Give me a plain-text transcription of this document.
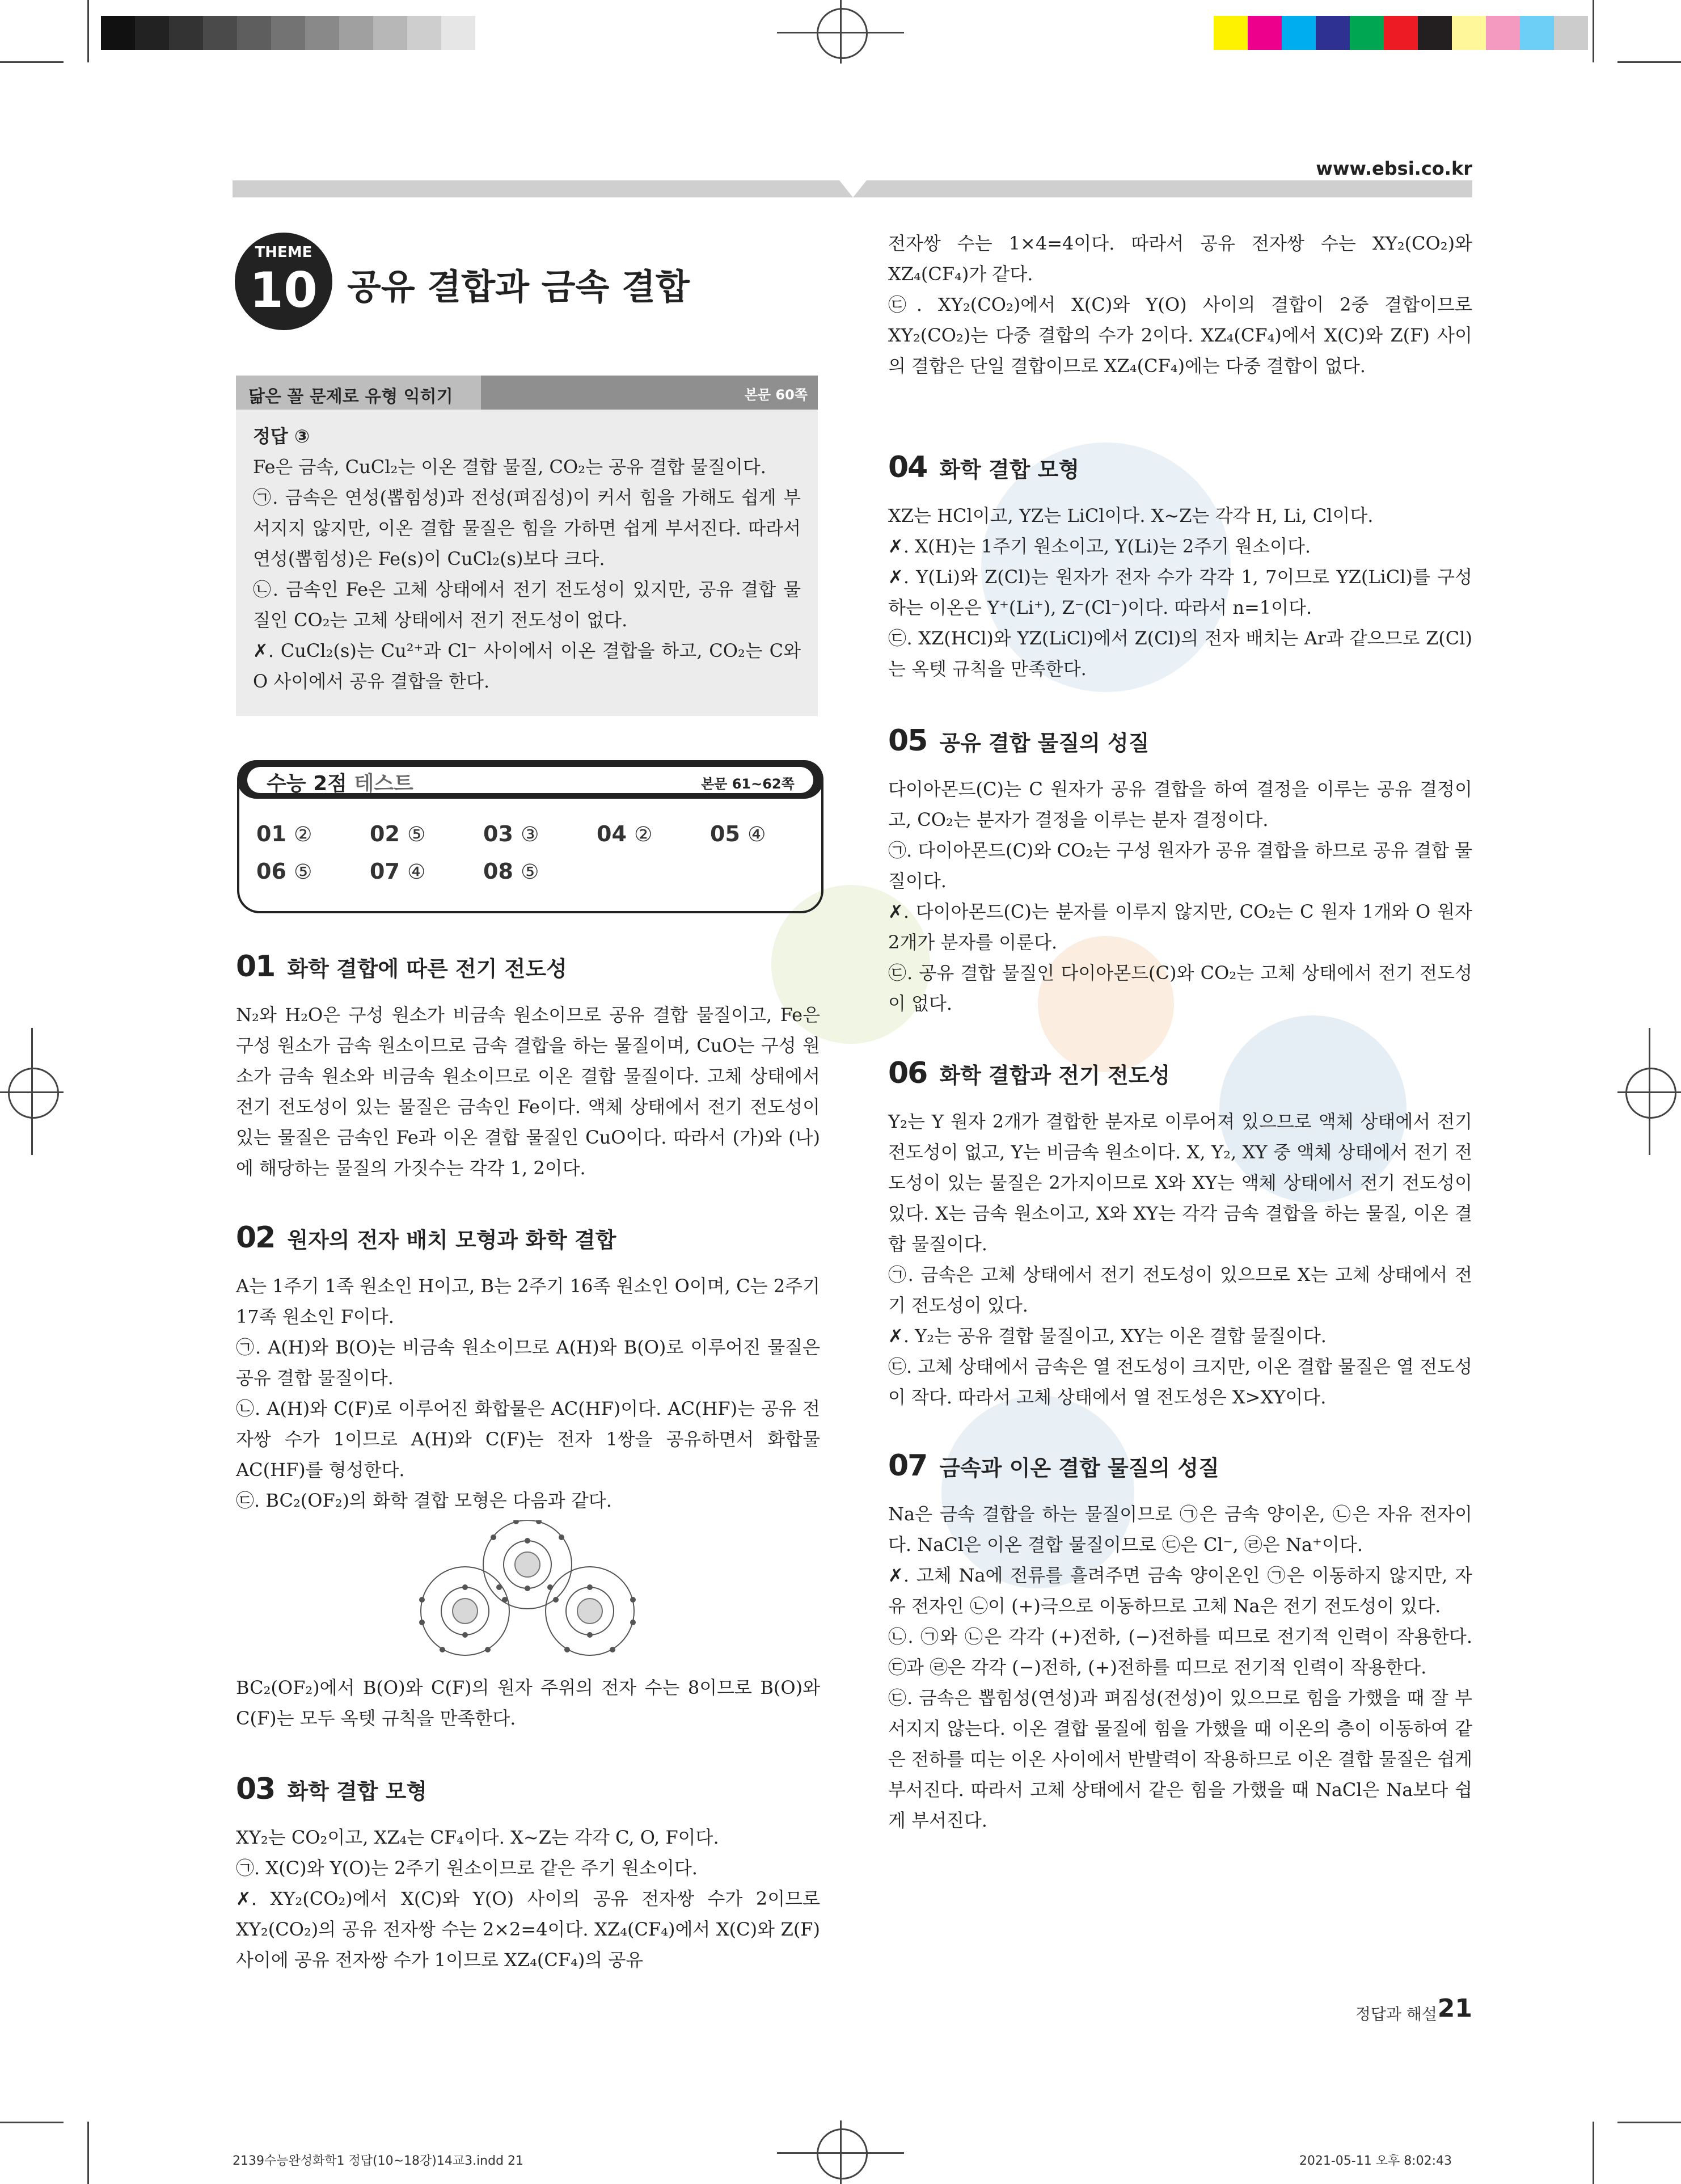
www.ebsi.co.kr
THEME
10 공유 결합과 금속 결합
닮은 꼴 문제로 유형 익히기	본문 60쪽
정답 ③

Fe은 금속, CuCl₂는 이온 결합 물질, CO₂는 공유 결합 물질이다.

㉠. 금속은 연성(뽑힘성)과 전성(펴짐성)이 커서 힘을 가해도 쉽게 부서지지 않지만, 이온 결합 물질은 힘을 가하면 쉽게 부서진다. 따라서 연성(뽑힘성)은 Fe(s)이 CuCl₂(s)보다 크다.

㉡. 금속인 Fe은 고체 상태에서 전기 전도성이 있지만, 공유 결합 물질인 CO₂는 고체 상태에서 전기 전도성이 없다.

✗. CuCl₂(s)는 Cu²⁺과 Cl⁻ 사이에서 이온 결합을 하고, CO₂는 C와 O 사이에서 공유 결합을 한다.

수능 2점 테스트	본문 61~62쪽
01 ②	02 ⑤	03 ③	04 ②	05 ④
06 ⑤	07 ④	08 ⑤
01 화학 결합에 따른 전기 전도성

N₂와 H₂O은 구성 원소가 비금속 원소이므로 공유 결합 물질이고, Fe은 구성 원소가 금속 원소이므로 금속 결합을 하는 물질이며, CuO는 구성 원소가 금속 원소와 비금속 원소이므로 이온 결합 물질이다. 고체 상태에서 전기 전도성이 있는 물질은 금속인 Fe이다. 액체 상태에서 전기 전도성이 있는 물질은 금속인 Fe과 이온 결합 물질인 CuO이다. 따라서 (가)와 (나)에 해당하는 물질의 가짓수는 각각 1, 2이다.

02 원자의 전자 배치 모형과 화학 결합

A는 1주기 1족 원소인 H이고, B는 2주기 16족 원소인 O이며, C는 2주기 17족 원소인 F이다.

㉠. A(H)와 B(O)는 비금속 원소이므로 A(H)와 B(O)로 이루어진 물질은 공유 결합 물질이다.

㉡. A(H)와 C(F)로 이루어진 화합물은 AC(HF)이다. AC(HF)는 공유 전자쌍 수가 1이므로 A(H)와 C(F)는 전자 1쌍을 공유하면서 화합물 AC(HF)를 형성한다.

㉢. BC₂(OF₂)의 화학 결합 모형은 다음과 같다.

BC₂(OF₂)에서 B(O)와 C(F)의 원자 주위의 전자 수는 8이므로 B(O)와 C(F)는 모두 옥텟 규칙을 만족한다.

03 화학 결합 모형

XY₂는 CO₂이고, XZ₄는 CF₄이다. X~Z는 각각 C, O, F이다.

㉠. X(C)와 Y(O)는 2주기 원소이므로 같은 주기 원소이다.

✗. XY₂(CO₂)에서 X(C)와 Y(O) 사이의 공유 전자쌍 수가 2이므로 XY₂(CO₂)의 공유 전자쌍 수는 2×2=4이다. XZ₄(CF₄)에서 X(C)와 Z(F) 사이에 공유 전자쌍 수가 1이므로 XZ₄(CF₄)의 공유

전자쌍 수는 1×4=4이다. 따라서 공유 전자쌍 수는 XY₂(CO₂)와 XZ₄(CF₄)가 같다.

㉢. XY₂(CO₂)에서 X(C)와 Y(O) 사이의 결합이 2중 결합이므로 XY₂(CO₂)는 다중 결합의 수가 2이다. XZ₄(CF₄)에서 X(C)와 Z(F) 사이의 결합은 단일 결합이므로 XZ₄(CF₄)에는 다중 결합이 없다.

04 화학 결합 모형

XZ는 HCl이고, YZ는 LiCl이다. X~Z는 각각 H, Li, Cl이다.

✗. X(H)는 1주기 원소이고, Y(Li)는 2주기 원소이다.

✗. Y(Li)와 Z(Cl)는 원자가 전자 수가 각각 1, 7이므로 YZ(LiCl)를 구성하는 이온은 Y⁺(Li⁺), Z⁻(Cl⁻)이다. 따라서 n=1이다.

㉢. XZ(HCl)와 YZ(LiCl)에서 Z(Cl)의 전자 배치는 Ar과 같으므로 Z(Cl)는 옥텟 규칙을 만족한다.

05 공유 결합 물질의 성질

다이아몬드(C)는 C 원자가 공유 결합을 하여 결정을 이루는 공유 결정이고, CO₂는 분자가 결정을 이루는 분자 결정이다.

㉠. 다이아몬드(C)와 CO₂는 구성 원자가 공유 결합을 하므로 공유 결합 물질이다.

✗. 다이아몬드(C)는 분자를 이루지 않지만, CO₂는 C 원자 1개와 O 원자 2개가 분자를 이룬다.

㉢. 공유 결합 물질인 다이아몬드(C)와 CO₂는 고체 상태에서 전기 전도성이 없다.

06 화학 결합과 전기 전도성

Y₂는 Y 원자 2개가 결합한 분자로 이루어져 있으므로 액체 상태에서 전기 전도성이 없고, Y는 비금속 원소이다. X, Y₂, XY 중 액체 상태에서 전기 전도성이 있는 물질은 2가지이므로 X와 XY는 액체 상태에서 전기 전도성이 있다. X는 금속 원소이고, X와 XY는 각각 금속 결합을 하는 물질, 이온 결합 물질이다.

㉠. 금속은 고체 상태에서 전기 전도성이 있으므로 X는 고체 상태에서 전기 전도성이 있다.

✗. Y₂는 공유 결합 물질이고, XY는 이온 결합 물질이다.

㉢. 고체 상태에서 금속은 열 전도성이 크지만, 이온 결합 물질은 열 전도성이 작다. 따라서 고체 상태에서 열 전도성은 X>XY이다.

07 금속과 이온 결합 물질의 성질

Na은 금속 결합을 하는 물질이므로 ㉠은 금속 양이온, ㉡은 자유 전자이다. NaCl은 이온 결합 물질이므로 ㉢은 Cl⁻, ㉣은 Na⁺이다.

✗. 고체 Na에 전류를 흘려주면 금속 양이온인 ㉠은 이동하지 않지만, 자유 전자인 ㉡이 (+)극으로 이동하므로 고체 Na은 전기 전도성이 있다.

㉡. ㉠와 ㉡은 각각 (+)전하, (−)전하를 띠므로 전기적 인력이 작용한다. ㉢과 ㉣은 각각 (−)전하, (+)전하를 띠므로 전기적 인력이 작용한다.

㉢. 금속은 뽑힘성(연성)과 펴짐성(전성)이 있으므로 힘을 가했을 때 잘 부서지지 않는다. 이온 결합 물질에 힘을 가했을 때 이온의 층이 이동하여 같은 전하를 띠는 이온 사이에서 반발력이 작용하므로 이온 결합 물질은 쉽게 부서진다. 따라서 고체 상태에서 같은 힘을 가했을 때 NaCl은 Na보다 쉽게 부서진다.

정답과 해설 21
2139수능완성화학1 정답(10~18강)14교3.indd 21	2021-05-11 오후 8:02:43
